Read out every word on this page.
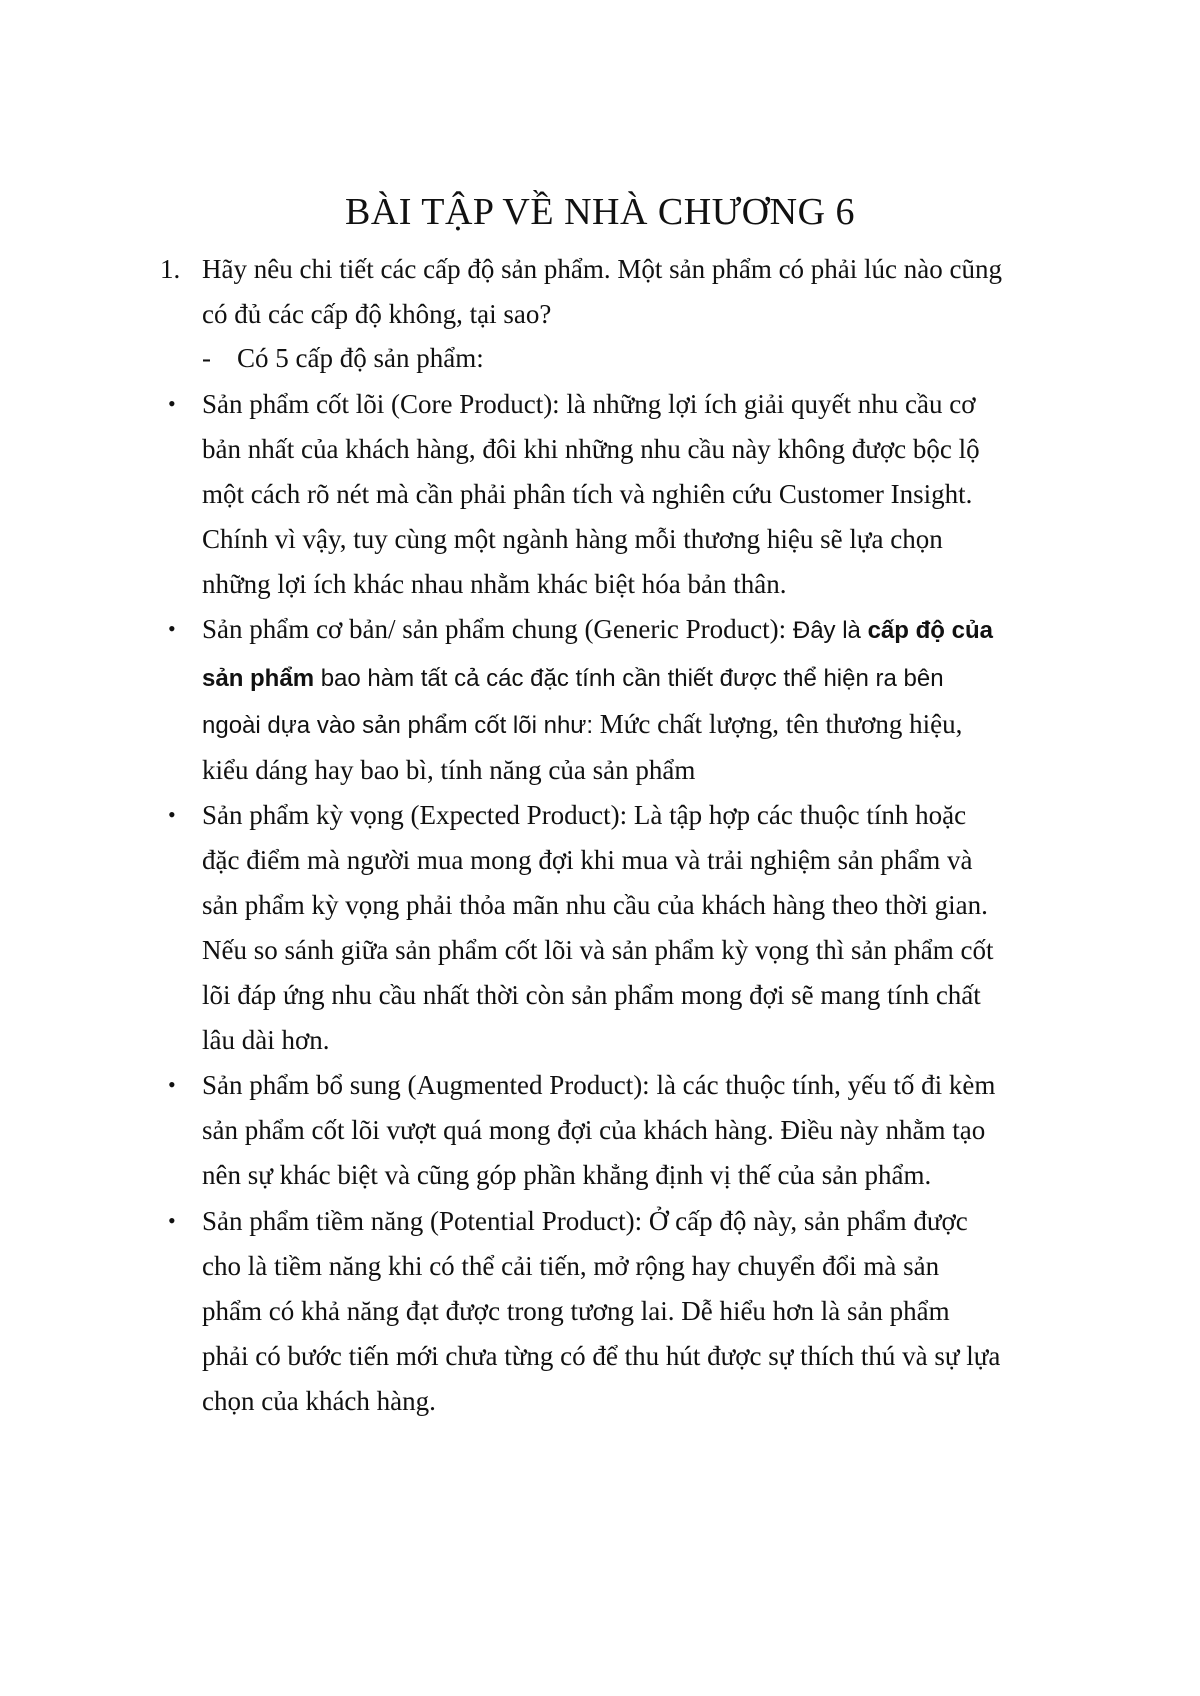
BÀI TẬP VỀ NHÀ CHƯƠNG 6
1. Hãy nêu chi tiết các cấp độ sản phẩm. Một sản phẩm có phải lúc nào cũng
có đủ các cấp độ không, tại sao?
- Có 5 cấp độ sản phẩm:
• Sản phẩm cốt lõi (Core Product): là những lợi ích giải quyết nhu cầu cơ
bản nhất của khách hàng, đôi khi những nhu cầu này không được bộc lộ
một cách rõ nét mà cần phải phân tích và nghiên cứu Customer Insight.
Chính vì vậy, tuy cùng một ngành hàng mỗi thương hiệu sẽ lựa chọn
những lợi ích khác nhau nhằm khác biệt hóa bản thân.
• Sản phẩm cơ bản/ sản phẩm chung (Generic Product): Đây là cấp độ của
sản phẩm bao hàm tất cả các đặc tính cần thiết được thể hiện ra bên
ngoài dựa vào sản phẩm cốt lõi như: Mức chất lượng, tên thương hiệu,
kiểu dáng hay bao bì, tính năng của sản phẩm
• Sản phẩm kỳ vọng (Expected Product): Là tập hợp các thuộc tính hoặc
đặc điểm mà người mua mong đợi khi mua và trải nghiệm sản phẩm và
sản phẩm kỳ vọng phải thỏa mãn nhu cầu của khách hàng theo thời gian.
Nếu so sánh giữa sản phẩm cốt lõi và sản phẩm kỳ vọng thì sản phẩm cốt
lõi đáp ứng nhu cầu nhất thời còn sản phẩm mong đợi sẽ mang tính chất
lâu dài hơn.
• Sản phẩm bổ sung (Augmented Product): là các thuộc tính, yếu tố đi kèm
sản phẩm cốt lõi vượt quá mong đợi của khách hàng. Điều này nhằm tạo
nên sự khác biệt và cũng góp phần khẳng định vị thế của sản phẩm.
• Sản phẩm tiềm năng (Potential Product): Ở cấp độ này, sản phẩm được
cho là tiềm năng khi có thể cải tiến, mở rộng hay chuyển đổi mà sản
phẩm có khả năng đạt được trong tương lai. Dễ hiểu hơn là sản phẩm
phải có bước tiến mới chưa từng có để thu hút được sự thích thú và sự lựa
chọn của khách hàng.
